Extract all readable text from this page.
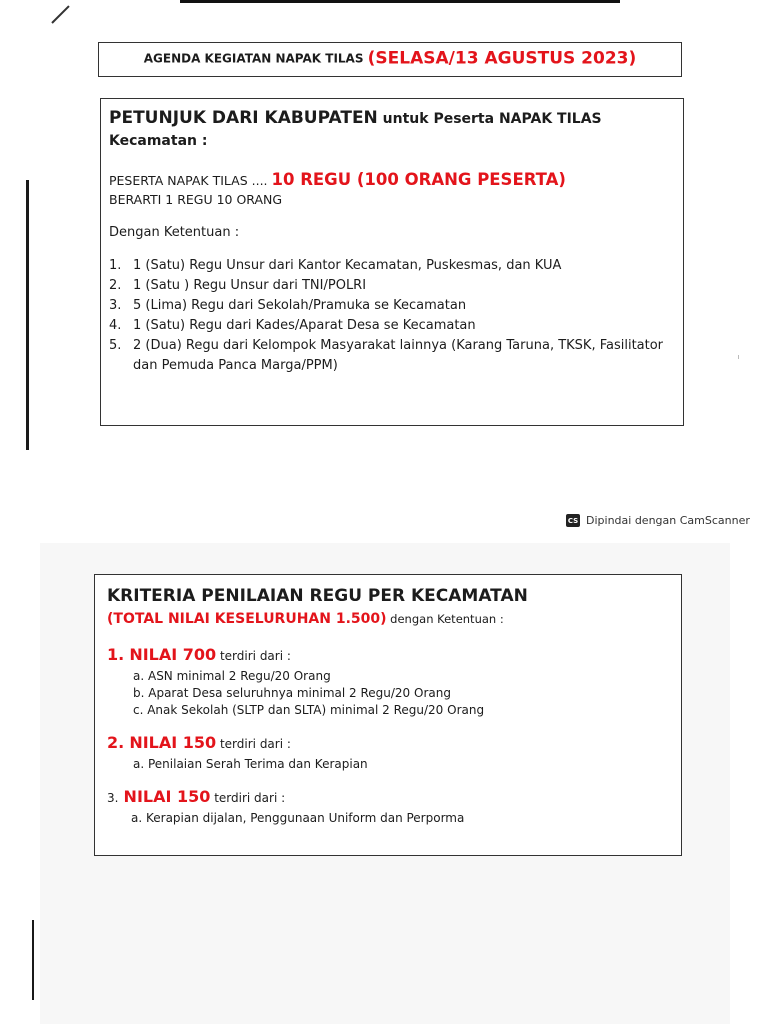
AGENDA KEGIATAN NAPAK TILAS (SELASA/13 AGUSTUS 2023)
PETUNJUK DARI KABUPATEN untuk Peserta NAPAK TILAS
Kecamatan :
PESERTA NAPAK TILAS .... 10 REGU (100 ORANG PESERTA)
BERARTI 1 REGU 10 ORANG
Dengan Ketentuan :
1. 1 (Satu) Regu Unsur dari Kantor Kecamatan, Puskesmas, dan KUA
2. 1 (Satu ) Regu Unsur dari TNI/POLRI
3. 5 (Lima) Regu dari Sekolah/Pramuka se Kecamatan
4. 1 (Satu) Regu dari Kades/Aparat Desa se Kecamatan
5. 2 (Dua) Regu dari Kelompok Masyarakat lainnya (Karang Taruna, TKSK, Fasilitator dan Pemuda Panca Marga/PPM)
CS Dipindai dengan CamScanner
KRITERIA PENILAIAN REGU PER KECAMATAN
(TOTAL NILAI KESELURUHAN 1.500) dengan Ketentuan :
1. NILAI 700 terdiri dari :
a. ASN minimal 2 Regu/20 Orang
b. Aparat Desa seluruhnya minimal 2 Regu/20 Orang
c. Anak Sekolah (SLTP dan SLTA) minimal 2 Regu/20 Orang
2. NILAI 150 terdiri dari :
a. Penilaian Serah Terima dan Kerapian
3. NILAI 150 terdiri dari :
a. Kerapian dijalan, Penggunaan Uniform dan Perporma
